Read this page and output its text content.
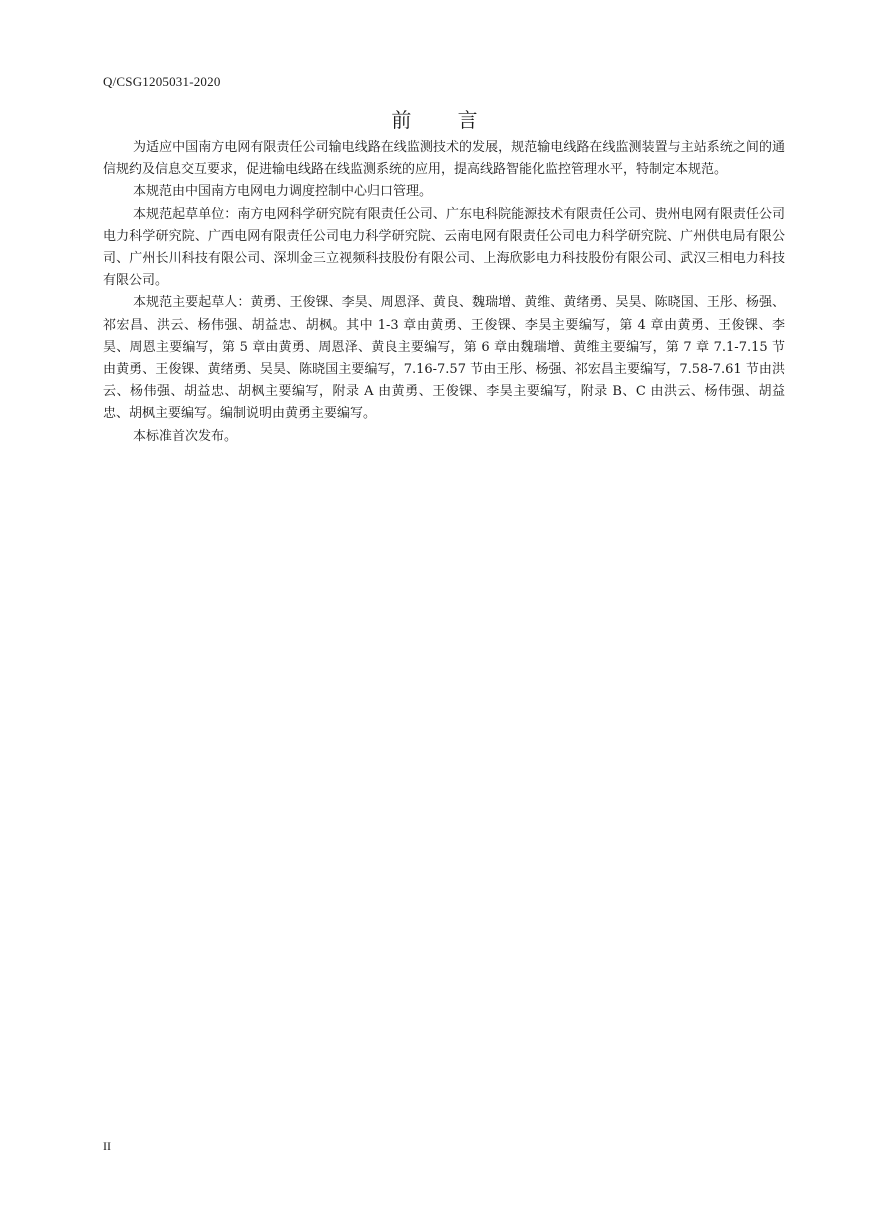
Q/CSG1205031-2020
前 言

为适应中国南方电网有限责任公司输电线路在线监测技术的发展，规范输电线路在线监测装置与主站系统之间的通信规约及信息交互要求，促进输电线路在线监测系统的应用，提高线路智能化监控管理水平，特制定本规范。

本规范由中国南方电网电力调度控制中心归口管理。

本规范起草单位：南方电网科学研究院有限责任公司、广东电科院能源技术有限责任公司、贵州电网有限责任公司电力科学研究院、广西电网有限责任公司电力科学研究院、云南电网有限责任公司电力科学研究院、广州供电局有限公司、广州长川科技有限公司、深圳金三立视频科技股份有限公司、上海欣影电力科技股份有限公司、武汉三相电力科技有限公司。

本规范主要起草人：黄勇、王俊锞、李昊、周恩泽、黄良、魏瑞增、黄维、黄绪勇、吴昊、陈晓国、王彤、杨强、祁宏昌、洪云、杨伟强、胡益忠、胡枫。其中 1-3 章由黄勇、王俊锞、李昊主要编写，第 4 章由黄勇、王俊锞、李昊、周恩主要编写，第 5 章由黄勇、周恩泽、黄良主要编写，第 6 章由魏瑞增、黄维主要编写，第 7 章 7.1-7.15 节由黄勇、王俊锞、黄绪勇、吴昊、陈晓国主要编写，7.16-7.57 节由王彤、杨强、祁宏昌主要编写，7.58-7.61 节由洪云、杨伟强、胡益忠、胡枫主要编写，附录 A 由黄勇、王俊锞、李昊主要编写，附录 B、C 由洪云、杨伟强、胡益忠、胡枫主要编写。编制说明由黄勇主要编写。

本标准首次发布。

II
